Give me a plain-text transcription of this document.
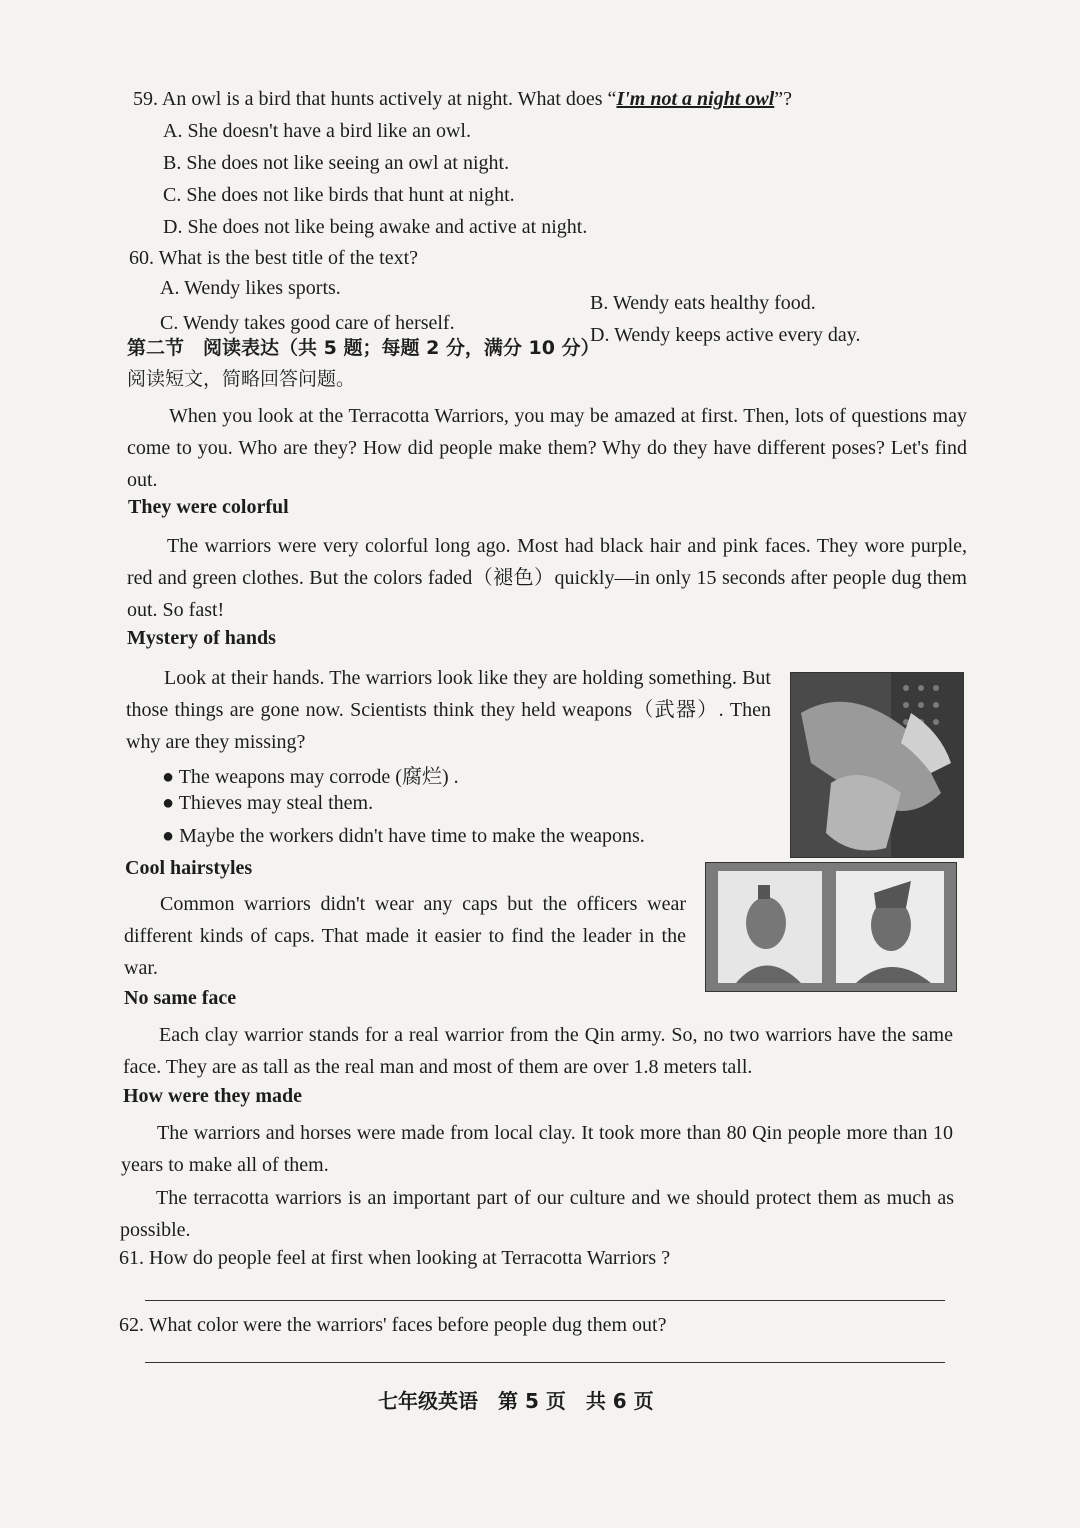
59. An owl is a bird that hunts actively at night. What does “I'm not a night owl”?
A. She doesn't have a bird like an owl.
B. She does not like seeing an owl at night.
C. She does not like birds that hunt at night.
D. She does not like being awake and active at night.
60. What is the best title of the text?
A. Wendy likes sports.
B. Wendy eats healthy food.
C. Wendy takes good care of herself.
D. Wendy keeps active every day.
第二节　阅读表达（共 5 题；每题 2 分，满分 10 分）
阅读短文，简略回答问题。
When you look at the Terracotta Warriors, you may be amazed at first. Then, lots of questions may come to you. Who are they? How did people make them? Why do they have different poses? Let's find out.
They were colorful
The warriors were very colorful long ago. Most had black hair and pink faces. They wore purple, red and green clothes. But the colors faded（褪色）quickly—in only 15 seconds after people dug them out. So fast!
Mystery of hands
Look at their hands. The warriors look like they are holding something. But those things are gone now. Scientists think they held weapons（武器）. Then why are they missing?
● The weapons may corrode (腐烂) .
● Thieves may steal them.
● Maybe the workers didn't have time to make the weapons.
Cool hairstyles
Common warriors didn't wear any caps but the officers wear different kinds of caps. That made it easier to find the leader in the war.
No same face
Each clay warrior stands for a real warrior from the Qin army. So, no two warriors have the same face. They are as tall as the real man and most of them are over 1.8 meters tall.
How were they made
The warriors and horses were made from local clay. It took more than 80 Qin people more than 10 years to make all of them.
The terracotta warriors is an important part of our culture and we should protect them as much as possible.
61. How do people feel at first when looking at Terracotta Warriors ?
62. What color were the warriors' faces before people dug them out?
七年级英语　第 5 页　共 6 页
